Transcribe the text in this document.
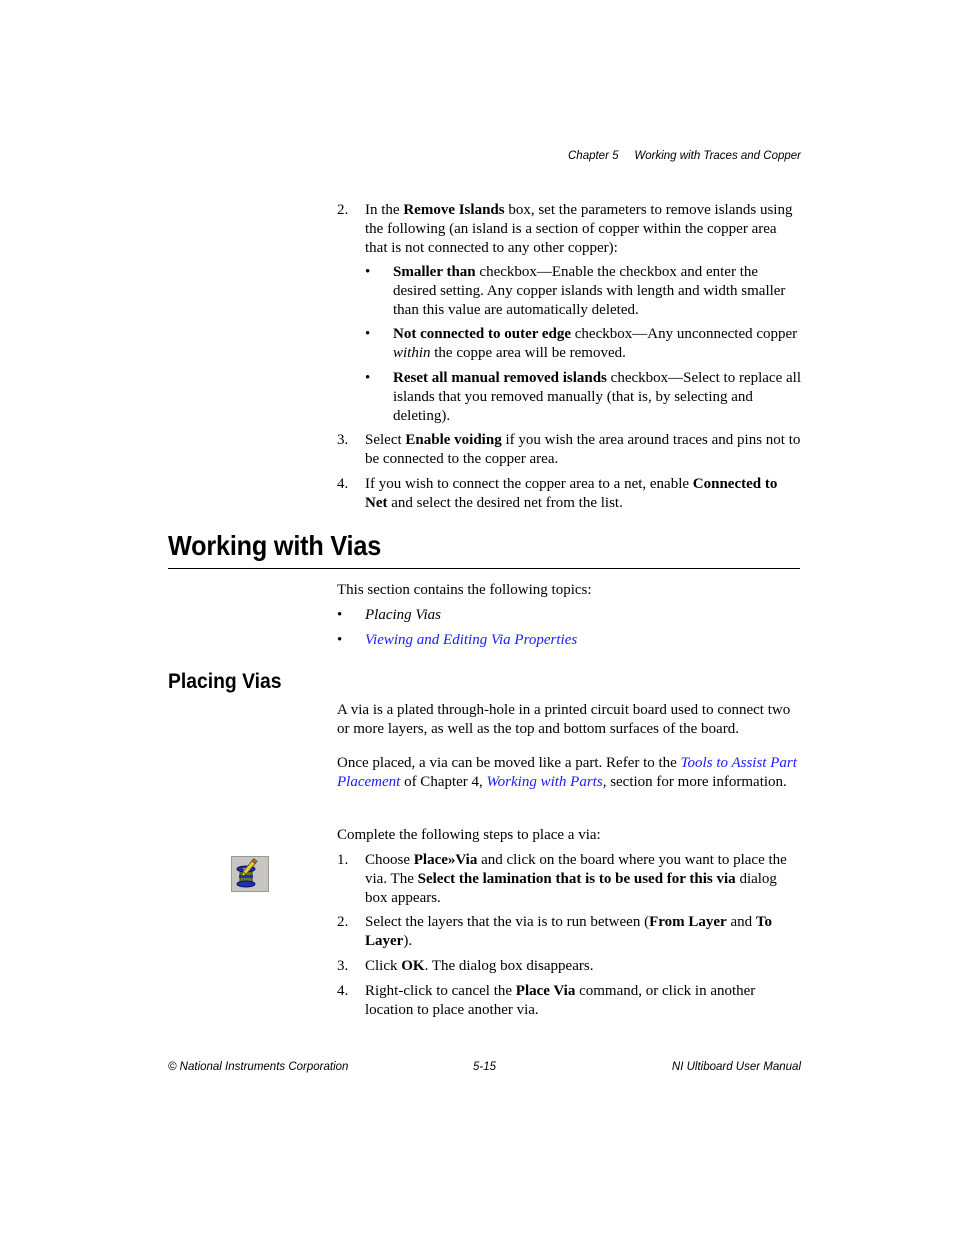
Chapter 5 Working with Traces and Copper
2. In the Remove Islands box, set the parameters to remove islands using the following (an island is a section of copper within the copper area that is not connected to any other copper):
• Smaller than checkbox—Enable the checkbox and enter the desired setting. Any copper islands with length and width smaller than this value are automatically deleted.
• Not connected to outer edge checkbox—Any unconnected copper within the coppe area will be removed.
• Reset all manual removed islands checkbox—Select to replace all islands that you removed manually (that is, by selecting and deleting).
3. Select Enable voiding if you wish the area around traces and pins not to be connected to the copper area.
4. If you wish to connect the copper area to a net, enable Connected to Net and select the desired net from the list.
Working with Vias
This section contains the following topics:
• Placing Vias
• Viewing and Editing Via Properties
Placing Vias
A via is a plated through-hole in a printed circuit board used to connect two or more layers, as well as the top and bottom surfaces of the board.
Once placed, a via can be moved like a part. Refer to the Tools to Assist Part Placement of Chapter 4, Working with Parts, section for more information.
Complete the following steps to place a via:
1. Choose Place»Via and click on the board where you want to place the via. The Select the lamination that is to be used for this via dialog box appears.
2. Select the layers that the via is to run between (From Layer and To Layer).
3. Click OK. The dialog box disappears.
4. Right-click to cancel the Place Via command, or click in another location to place another via.
© National Instruments Corporation	5-15	NI Ultiboard User Manual
